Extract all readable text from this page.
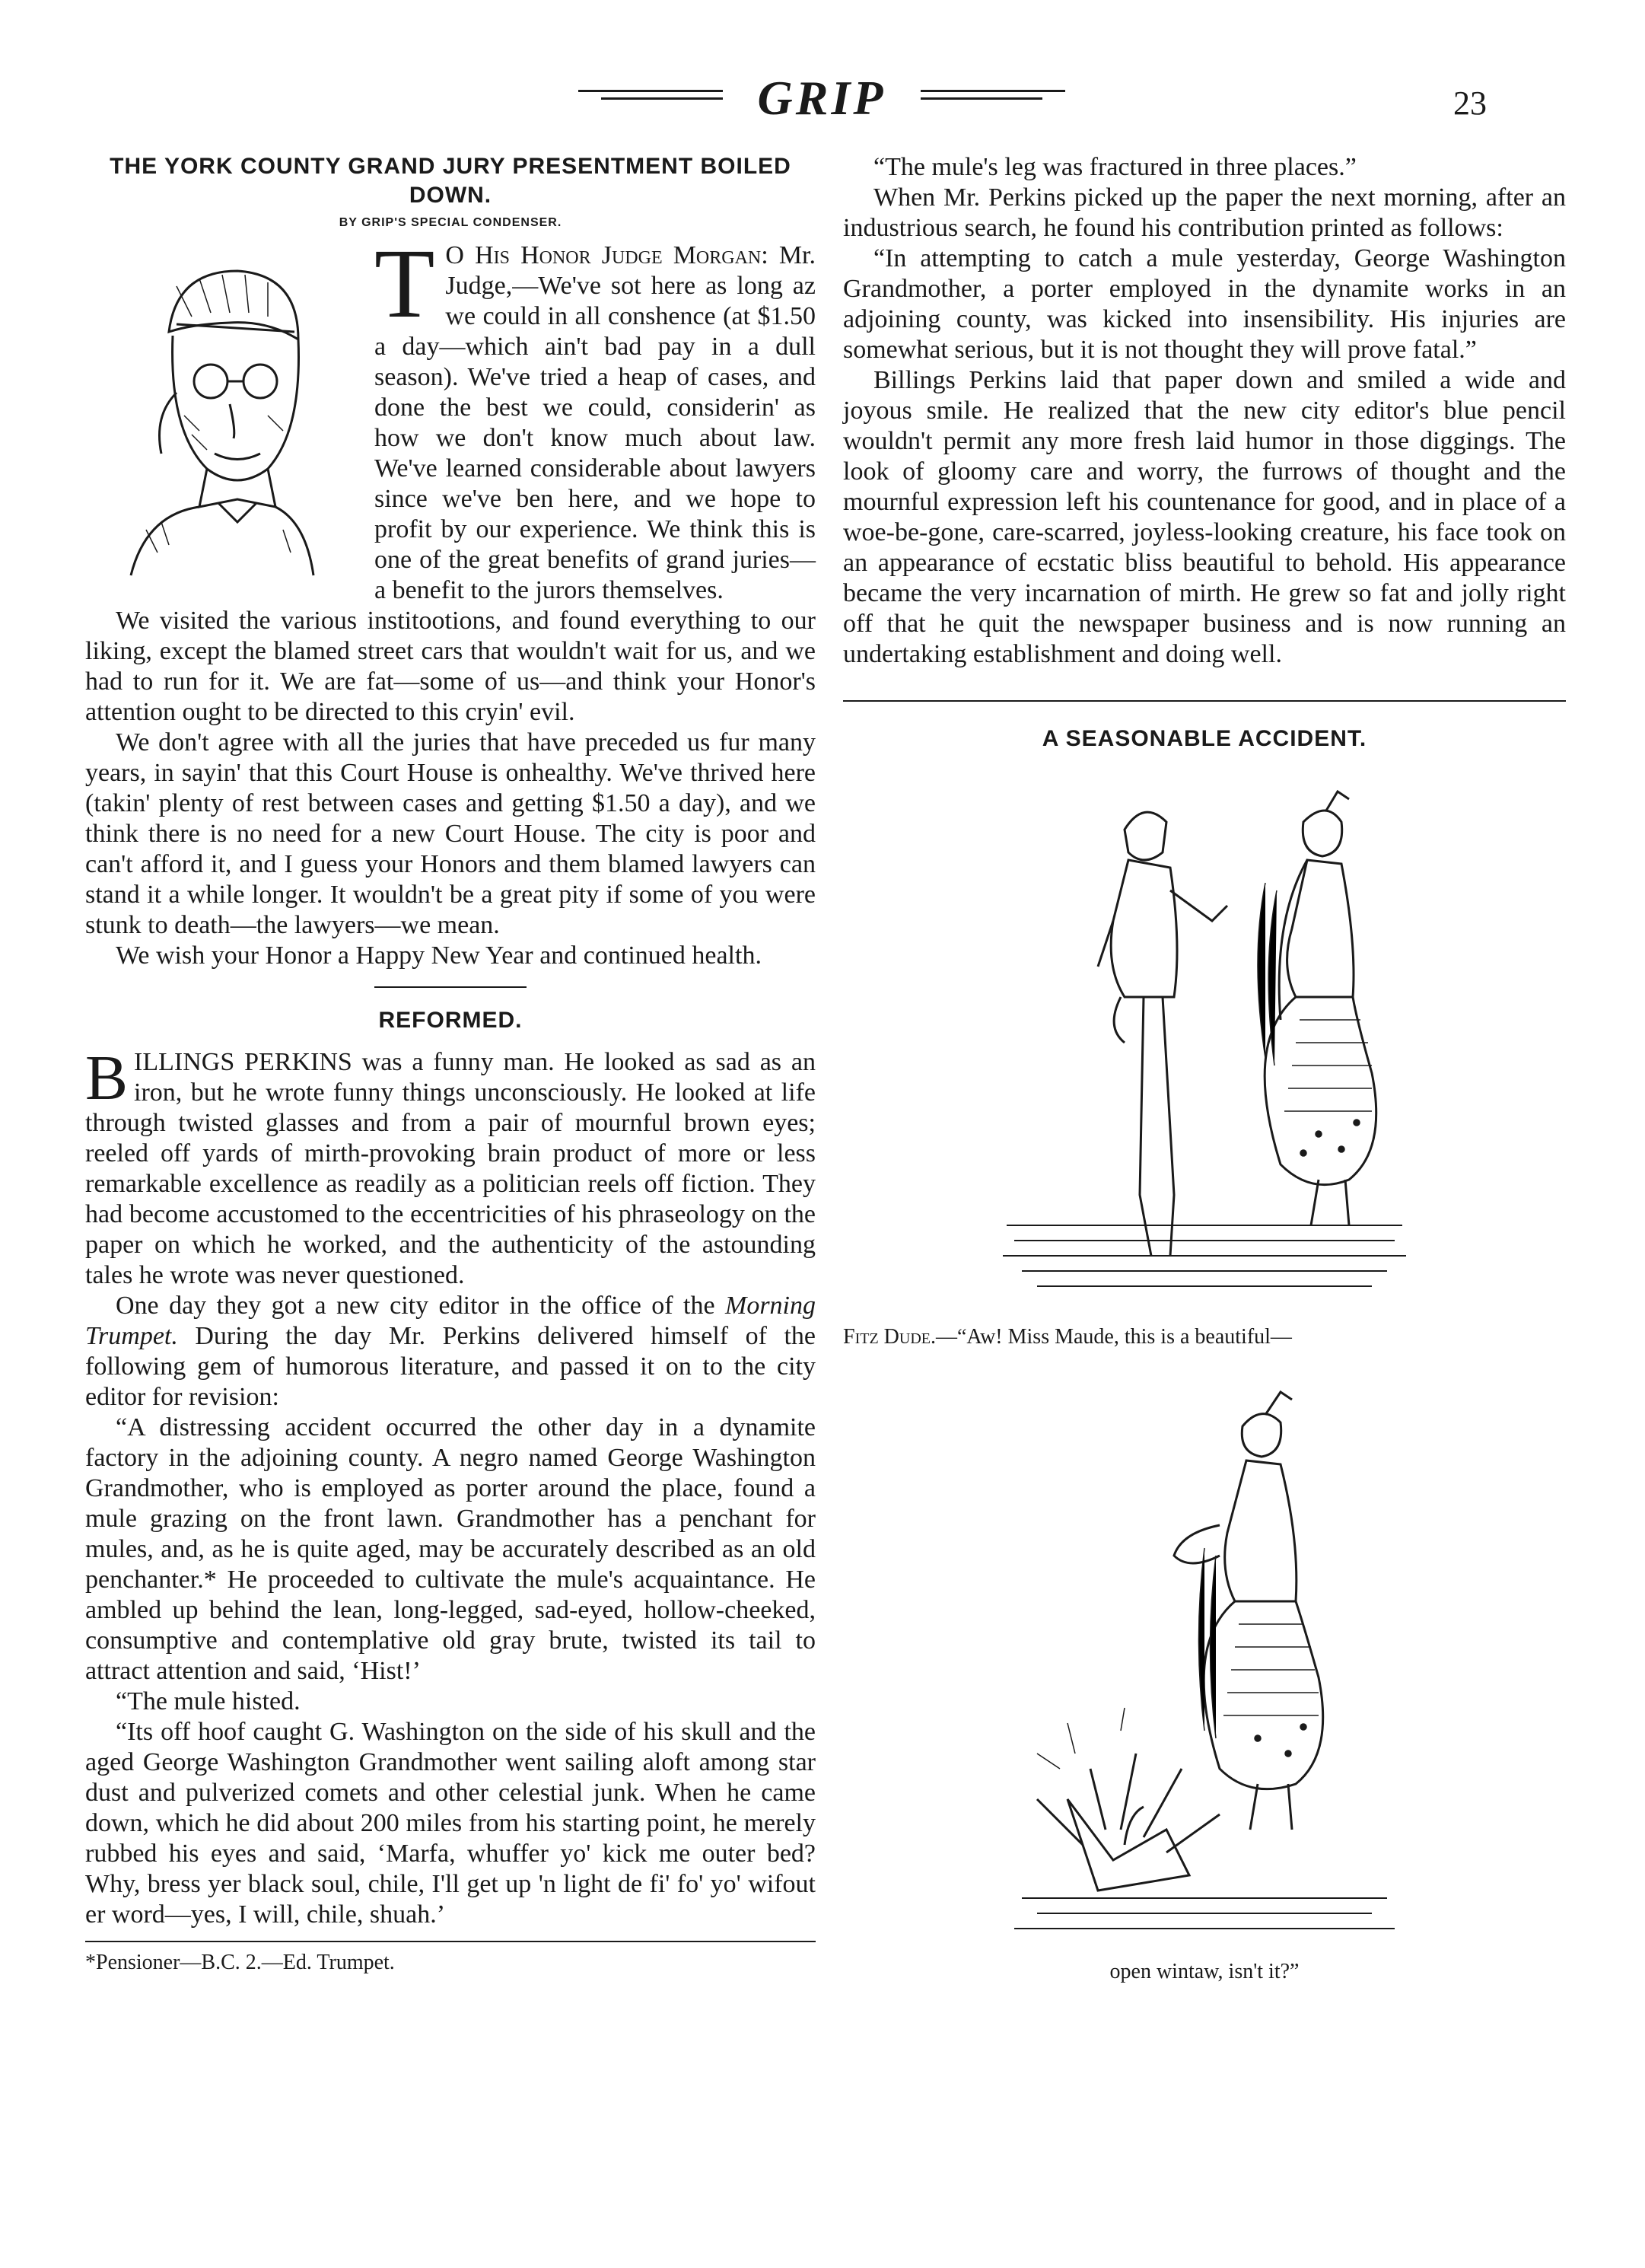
GRIP	23
THE YORK COUNTY GRAND JURY PRESENTMENT BOILED DOWN.
BY GRIP'S SPECIAL CONDENSER.

T O His Honor Judge Morgan: Mr. Judge,—We've sot here as long az we could in all conshence (at $1.50 a day—which ain't bad pay in a dull season). We've tried a heap of cases, and done the best we could, considerin' as how we don't know much about law. We've learned considerable about lawyers since we've ben here, and we hope to profit by our experience. We think this is one of the great benefits of grand juries—a benefit to the jurors themselves.

We visited the various institootions, and found everything to our liking, except the blamed street cars that wouldn't wait for us, and we had to run for it. We are fat—some of us—and think your Honor's attention ought to be directed to this cryin' evil.

We don't agree with all the juries that have preceded us fur many years, in sayin' that this Court House is onhealthy. We've thrived here (takin' plenty of rest between cases and getting $1.50 a day), and we think there is no need for a new Court House. The city is poor and can't afford it, and I guess your Honors and them blamed lawyers can stand it a while longer. It wouldn't be a great pity if some of you were stunk to death—the lawyers—we mean.

We wish your Honor a Happy New Year and continued health.

REFORMED.

BILLINGS PERKINS was a funny man. He looked as sad as an iron, but he wrote funny things unconsciously. He looked at life through twisted glasses and from a pair of mournful brown eyes; reeled off yards of mirth-provoking brain product of more or less remarkable excellence as readily as a politician reels off fiction. They had become accustomed to the eccentricities of his phraseology on the paper on which he worked, and the authenticity of the astounding tales he wrote was never questioned.

One day they got a new city editor in the office of the Morning Trumpet. During the day Mr. Perkins delivered himself of the following gem of humorous literature, and passed it on to the city editor for revision:

“A distressing accident occurred the other day in a dynamite factory in the adjoining county. A negro named George Washington Grandmother, who is employed as porter around the place, found a mule grazing on the front lawn. Grandmother has a penchant for mules, and, as he is quite aged, may be accurately described as an old penchanter.* He proceeded to cultivate the mule's acquaintance. He ambled up behind the lean, long-legged, sad-eyed, hollow-cheeked, consumptive and contemplative old gray brute, twisted its tail to attract attention and said, ‘Hist!’

“The mule histed.

“Its off hoof caught G. Washington on the side of his skull and the aged George Washington Grandmother went sailing aloft among star dust and pulverized comets and other celestial junk. When he came down, which he did about 200 miles from his starting point, he merely rubbed his eyes and said, ‘Marfa, whuffer yo' kick me outer bed? Why, bress yer black soul, chile, I'll get up 'n light de fi' fo' yo' wifout er word—yes, I will, chile, shuah.’

*Pensioner—B.C. 2.—Ed. Trumpet.

“The mule's leg was fractured in three places.”

When Mr. Perkins picked up the paper the next morning, after an industrious search, he found his contribution printed as follows:

“In attempting to catch a mule yesterday, George Washington Grandmother, a porter employed in the dynamite works in an adjoining county, was kicked into insensibility. His injuries are somewhat serious, but it is not thought they will prove fatal.”

Billings Perkins laid that paper down and smiled a wide and joyous smile. He realized that the new city editor's blue pencil wouldn't permit any more fresh laid humor in those diggings. The look of gloomy care and worry, the furrows of thought and the mournful expression left his countenance for good, and in place of a woe-be-gone, care-scarred, joyless-looking creature, his face took on an appearance of ecstatic bliss beautiful to behold. His appearance became the very incarnation of mirth. He grew so fat and jolly right off that he quit the newspaper business and is now running an undertaking establishment and doing well.

A SEASONABLE ACCIDENT.

Fitz Dude.—“Aw! Miss Maude, this is a beautiful—

open wintaw, isn't it?”
